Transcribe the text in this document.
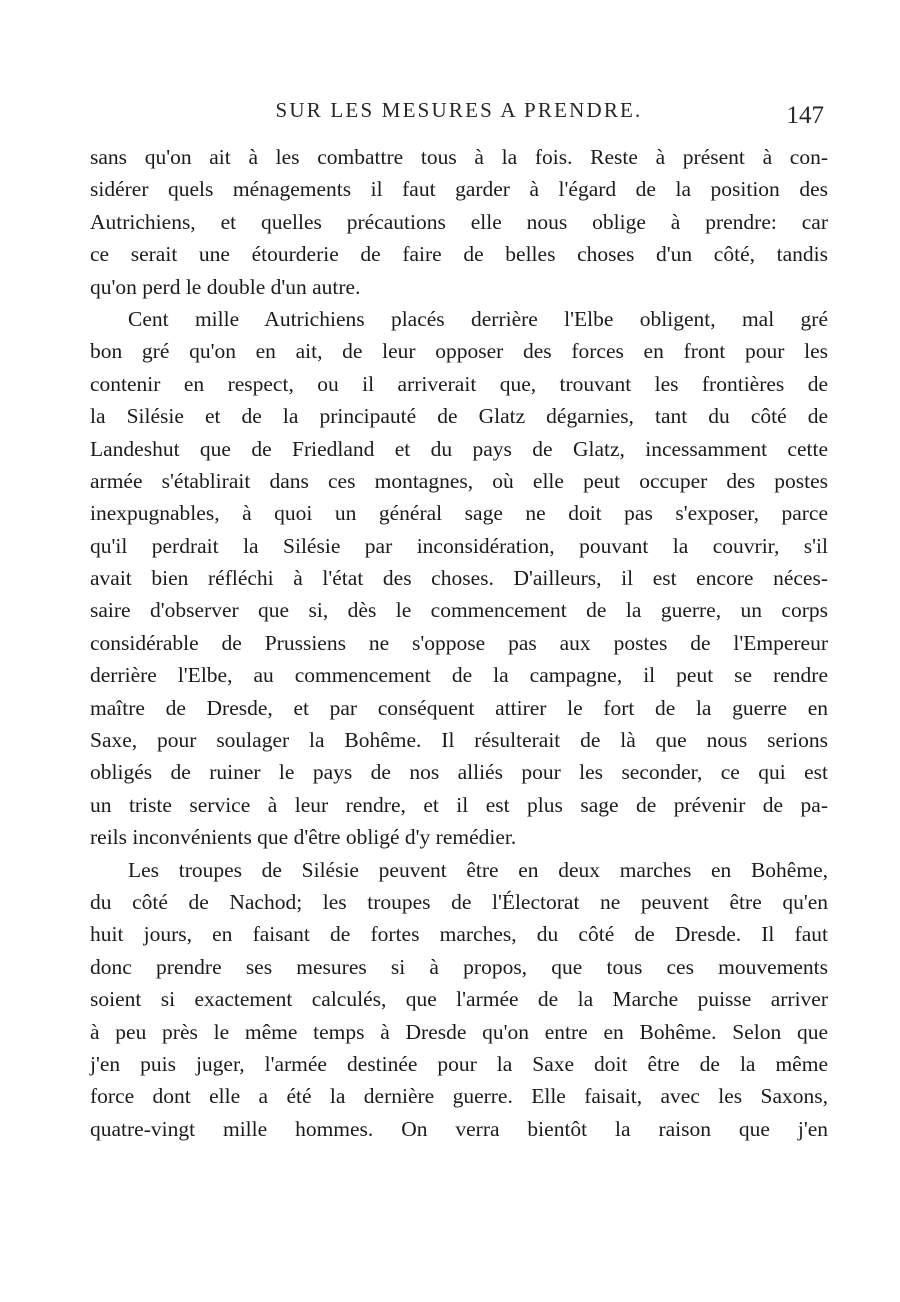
SUR LES MESURES A PRENDRE.	147
sans qu'on ait à les combattre tous à la fois. Reste à présent à con-
sidérer quels ménagements il faut garder à l'égard de la position des
Autrichiens, et quelles précautions elle nous oblige à prendre: car
ce serait une étourderie de faire de belles choses d'un côté, tandis
qu'on perd le double d'un autre.
Cent mille Autrichiens placés derrière l'Elbe obligent, mal gré
bon gré qu'on en ait, de leur opposer des forces en front pour les
contenir en respect, ou il arriverait que, trouvant les frontières de
la Silésie et de la principauté de Glatz dégarnies, tant du côté de
Landeshut que de Friedland et du pays de Glatz, incessamment cette
armée s'établirait dans ces montagnes, où elle peut occuper des postes
inexpugnables, à quoi un général sage ne doit pas s'exposer, parce
qu'il perdrait la Silésie par inconsidération, pouvant la couvrir, s'il
avait bien réfléchi à l'état des choses. D'ailleurs, il est encore néces-
saire d'observer que si, dès le commencement de la guerre, un corps
considérable de Prussiens ne s'oppose pas aux postes de l'Empereur
derrière l'Elbe, au commencement de la campagne, il peut se rendre
maître de Dresde, et par conséquent attirer le fort de la guerre en
Saxe, pour soulager la Bohême. Il résulterait de là que nous serions
obligés de ruiner le pays de nos alliés pour les seconder, ce qui est
un triste service à leur rendre, et il est plus sage de prévenir de pa-
reils inconvénients que d'être obligé d'y remédier.
Les troupes de Silésie peuvent être en deux marches en Bohême,
du côté de Nachod; les troupes de l'Électorat ne peuvent être qu'en
huit jours, en faisant de fortes marches, du côté de Dresde. Il faut
donc prendre ses mesures si à propos, que tous ces mouvements
soient si exactement calculés, que l'armée de la Marche puisse arriver
à peu près le même temps à Dresde qu'on entre en Bohême. Selon que
j'en puis juger, l'armée destinée pour la Saxe doit être de la même
force dont elle a été la dernière guerre. Elle faisait, avec les Saxons,
quatre-vingt mille hommes. On verra bientôt la raison que j'en
